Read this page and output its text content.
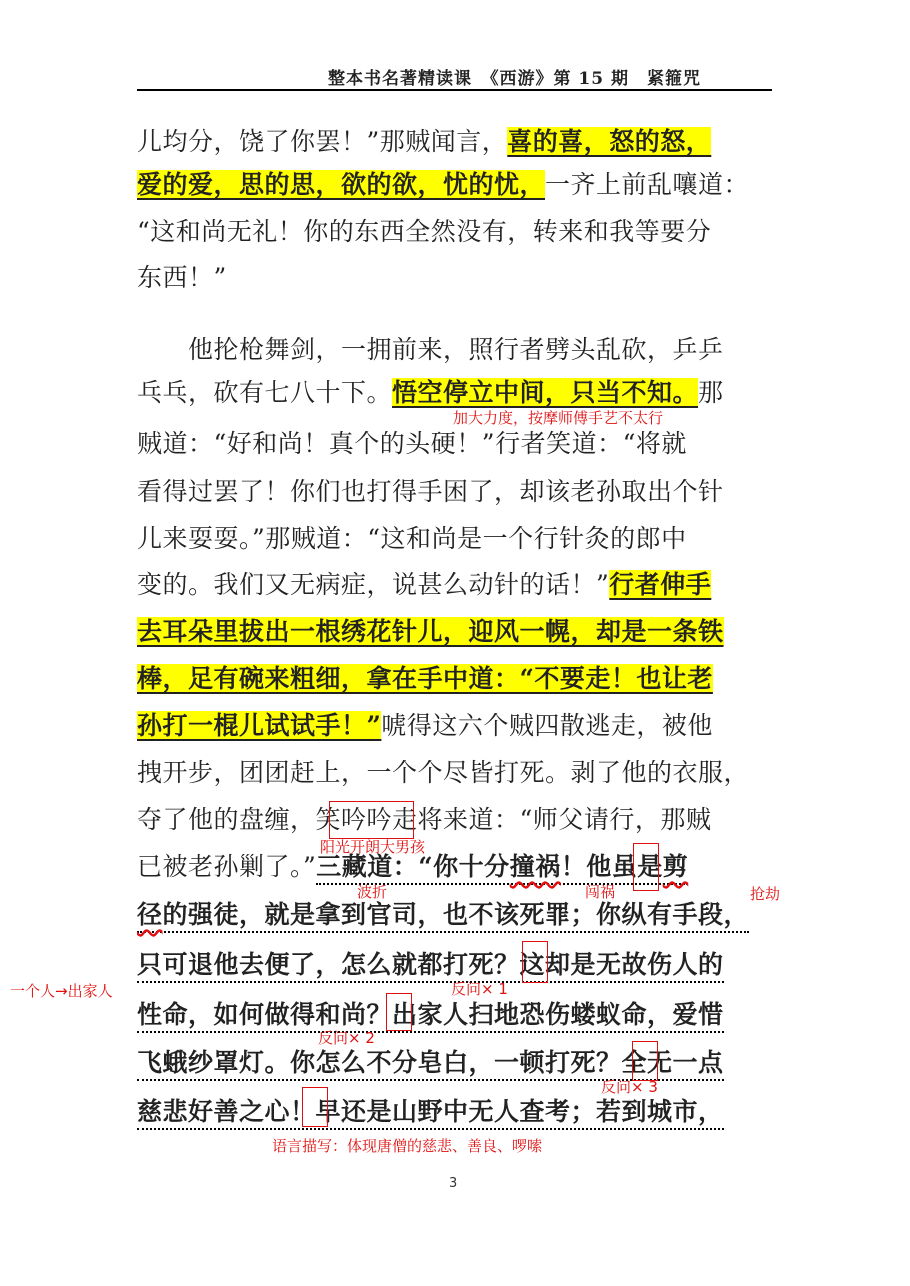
整本书名著精读课　《西游》第 15 期　紧箍咒
儿均分，饶了你罢！”那贼闻言，喜的喜，怒的怒，
爱的爱，思的思，欲的欲，忧的忧，一齐上前乱嚷道：
“这和尚无礼！你的东西全然没有，转来和我等要分
东西！”
　　他抡枪舞剑，一拥前来，照行者劈头乱砍，乒乒
乓乓，砍有七八十下。悟空停立中间，只当不知。那
贼道：“好和尚！真个的头硬！”行者笑道：“将就
看得过罢了！你们也打得手困了，却该老孙取出个针
儿来耍耍。”那贼道：“这和尚是一个行针灸的郎中
变的。我们又无病症，说甚么动针的话！”行者伸手
去耳朵里拔出一根绣花针儿，迎风一幌，却是一条铁
棒，足有碗来粗细，拿在手中道：“不要走！也让老
孙打一棍儿试试手！”唬得这六个贼四散逃走，被他
拽开步，团团赶上，一个个尽皆打死。剥了他的衣服，
夺了他的盘缠，笑吟吟走将来道：“师父请行，那贼
已被老孙剿了。”三藏道：“你十分撞祸！他虽是剪
径的强徒，就是拿到官司，也不该死罪；你纵有手段，
只可退他去便了，怎么就都打死？这却是无故伤人的
性命，如何做得和尚？出家人扫地恐伤蝼蚁命，爱惜
飞蛾纱罩灯。你怎么不分皂白，一顿打死？全无一点
慈悲好善之心！早还是山野中无人查考；若到城市，
加大力度，按摩师傅手艺不太行
阳光开朗大男孩
波折	闯祸	抢劫
一个人→出家人	反问× 1
反问× 2
反问× 3
语言描写：体现唐僧的慈悲、善良、啰嗦
3
